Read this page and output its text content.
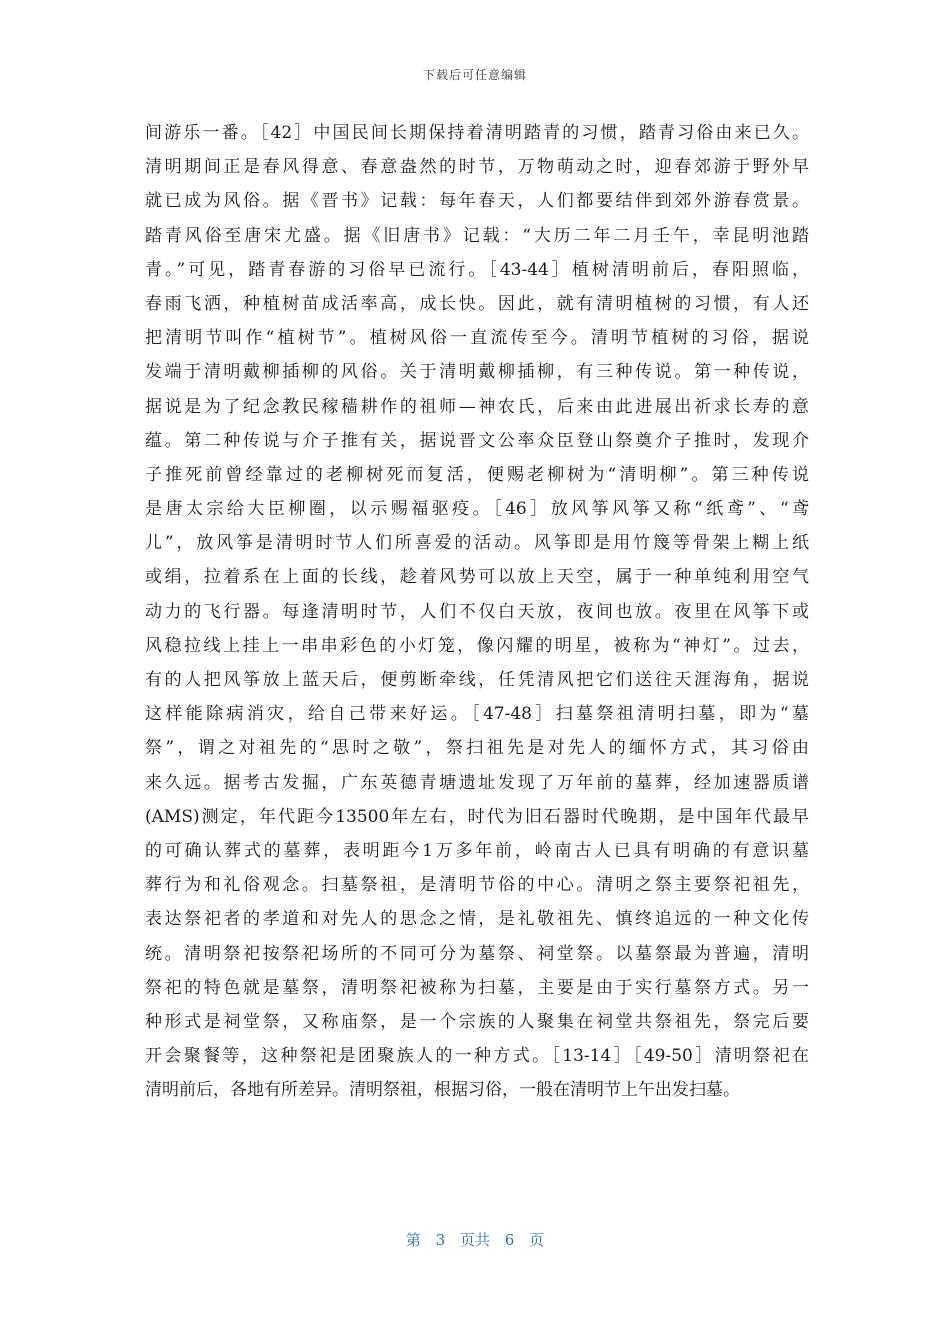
下载后可任意编辑
间游乐一番。［42］中国民间长期保持着清明踏青的习惯，踏青习俗由来已久。
清明期间正是春风得意、春意盎然的时节，万物萌动之时，迎春郊游于野外早
就已成为风俗。据《晋书》记载：每年春天，人们都要结伴到郊外游春赏景。
踏青风俗至唐宋尤盛。据《旧唐书》记载：“大历二年二月壬午，幸昆明池踏
青。”可见，踏青春游的习俗早已流行。［43-44］植树清明前后，春阳照临，
春雨飞洒，种植树苗成活率高，成长快。因此，就有清明植树的习惯，有人还
把清明节叫作“植树节”。植树风俗一直流传至今。清明节植树的习俗，据说
发端于清明戴柳插柳的风俗。关于清明戴柳插柳，有三种传说。第一种传说，
据说是为了纪念教民稼穑耕作的祖师—神农氏，后来由此进展出祈求长寿的意
蕴。第二种传说与介子推有关，据说晋文公率众臣登山祭奠介子推时，发现介
子推死前曾经靠过的老柳树死而复活，便赐老柳树为“清明柳”。第三种传说
是唐太宗给大臣柳圈，以示赐福驱疫。［46］放风筝风筝又称“纸鸢”、“鸢
儿”，放风筝是清明时节人们所喜爱的活动。风筝即是用竹篾等骨架上糊上纸
或绢，拉着系在上面的长线，趁着风势可以放上天空，属于一种单纯利用空气
动力的飞行器。每逢清明时节，人们不仅白天放，夜间也放。夜里在风筝下或
风稳拉线上挂上一串串彩色的小灯笼，像闪耀的明星，被称为“神灯”。过去，
有的人把风筝放上蓝天后，便剪断牵线，任凭清风把它们送往天涯海角，据说
这样能除病消灾，给自己带来好运。［47-48］扫墓祭祖清明扫墓，即为“墓
祭”，谓之对祖先的“思时之敬”，祭扫祖先是对先人的缅怀方式，其习俗由
来久远。据考古发掘，广东英德青塘遗址发现了万年前的墓葬，经加速器质谱
(AMS)测定，年代距今13500年左右，时代为旧石器时代晚期，是中国年代最早
的可确认葬式的墓葬，表明距今1万多年前，岭南古人已具有明确的有意识墓
葬行为和礼俗观念。扫墓祭祖，是清明节俗的中心。清明之祭主要祭祀祖先，
表达祭祀者的孝道和对先人的思念之情，是礼敬祖先、慎终追远的一种文化传
统。清明祭祀按祭祀场所的不同可分为墓祭、祠堂祭。以墓祭最为普遍，清明
祭祀的特色就是墓祭，清明祭祀被称为扫墓，主要是由于实行墓祭方式。另一
种形式是祠堂祭，又称庙祭，是一个宗族的人聚集在祠堂共祭祖先，祭完后要
开会聚餐等，这种祭祀是团聚族人的一种方式。［13-14］［49-50］清明祭祀在
清明前后，各地有所差异。清明祭祖，根据习俗，一般在清明节上午出发扫墓。
第 3 页共 6 页
